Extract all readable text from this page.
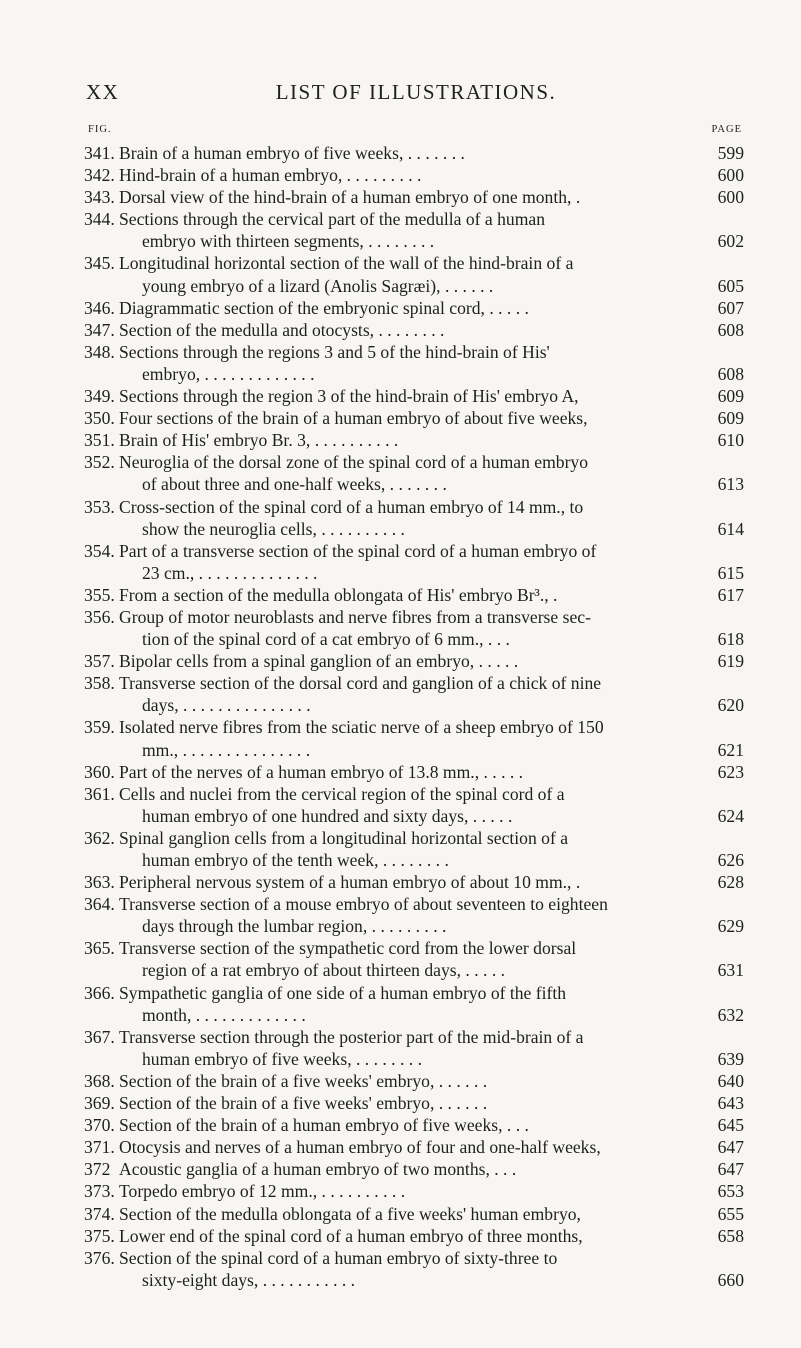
XX	LIST OF ILLUSTRATIONS.
FIG.	PAGE
341. Brain of a human embryo of five weeks, . . . . . . .	599
342. Hind-brain of a human embryo, . . . . . . . . .	600
343. Dorsal view of the hind-brain of a human embryo of one month, .	600
344. Sections through the cervical part of the medulla of a human
embryo with thirteen segments, . . . . . . . .	602
345. Longitudinal horizontal section of the wall of the hind-brain of a
young embryo of a lizard (Anolis Sagræi), . . . . . .	605
346. Diagrammatic section of the embryonic spinal cord, . . . . .	607
347. Section of the medulla and otocysts, . . . . . . . .	608
348. Sections through the regions 3 and 5 of the hind-brain of His'
embryo, . . . . . . . . . . . . .	608
349. Sections through the region 3 of the hind-brain of His' embryo A,	609
350. Four sections of the brain of a human embryo of about five weeks,	609
351. Brain of His' embryo Br. 3, . . . . . . . . . .	610
352. Neuroglia of the dorsal zone of the spinal cord of a human embryo
of about three and one-half weeks, . . . . . . .	613
353. Cross-section of the spinal cord of a human embryo of 14 mm., to
show the neuroglia cells, . . . . . . . . . .	614
354. Part of a transverse section of the spinal cord of a human embryo of
23 cm., . . . . . . . . . . . . . .	615
355. From a section of the medulla oblongata of His' embryo Br³., .	617
356. Group of motor neuroblasts and nerve fibres from a transverse sec-
tion of the spinal cord of a cat embryo of 6 mm., . . .	618
357. Bipolar cells from a spinal ganglion of an embryo, . . . . .	619
358. Transverse section of the dorsal cord and ganglion of a chick of nine
days, . . . . . . . . . . . . . . .	620
359. Isolated nerve fibres from the sciatic nerve of a sheep embryo of 150
mm., . . . . . . . . . . . . . . .	621
360. Part of the nerves of a human embryo of 13.8 mm., . . . . .	623
361. Cells and nuclei from the cervical region of the spinal cord of a
human embryo of one hundred and sixty days, . . . . .	624
362. Spinal ganglion cells from a longitudinal horizontal section of a
human embryo of the tenth week, . . . . . . . .	626
363. Peripheral nervous system of a human embryo of about 10 mm., .	628
364. Transverse section of a mouse embryo of about seventeen to eighteen
days through the lumbar region, . . . . . . . . .	629
365. Transverse section of the sympathetic cord from the lower dorsal
region of a rat embryo of about thirteen days, . . . . .	631
366. Sympathetic ganglia of one side of a human embryo of the fifth
month, . . . . . . . . . . . . .	632
367. Transverse section through the posterior part of the mid-brain of a
human embryo of five weeks, . . . . . . . .	639
368. Section of the brain of a five weeks' embryo, . . . . . .	640
369. Section of the brain of a five weeks' embryo, . . . . . .	643
370. Section of the brain of a human embryo of five weeks, . . .	645
371. Otocysis and nerves of a human embryo of four and one-half weeks,	647
372 Acoustic ganglia of a human embryo of two months, . . .	647
373. Torpedo embryo of 12 mm., . . . . . . . . . .	653
374. Section of the medulla oblongata of a five weeks' human embryo,	655
375. Lower end of the spinal cord of a human embryo of three months,	658
376. Section of the spinal cord of a human embryo of sixty-three to
sixty-eight days, . . . . . . . . . . .	660
